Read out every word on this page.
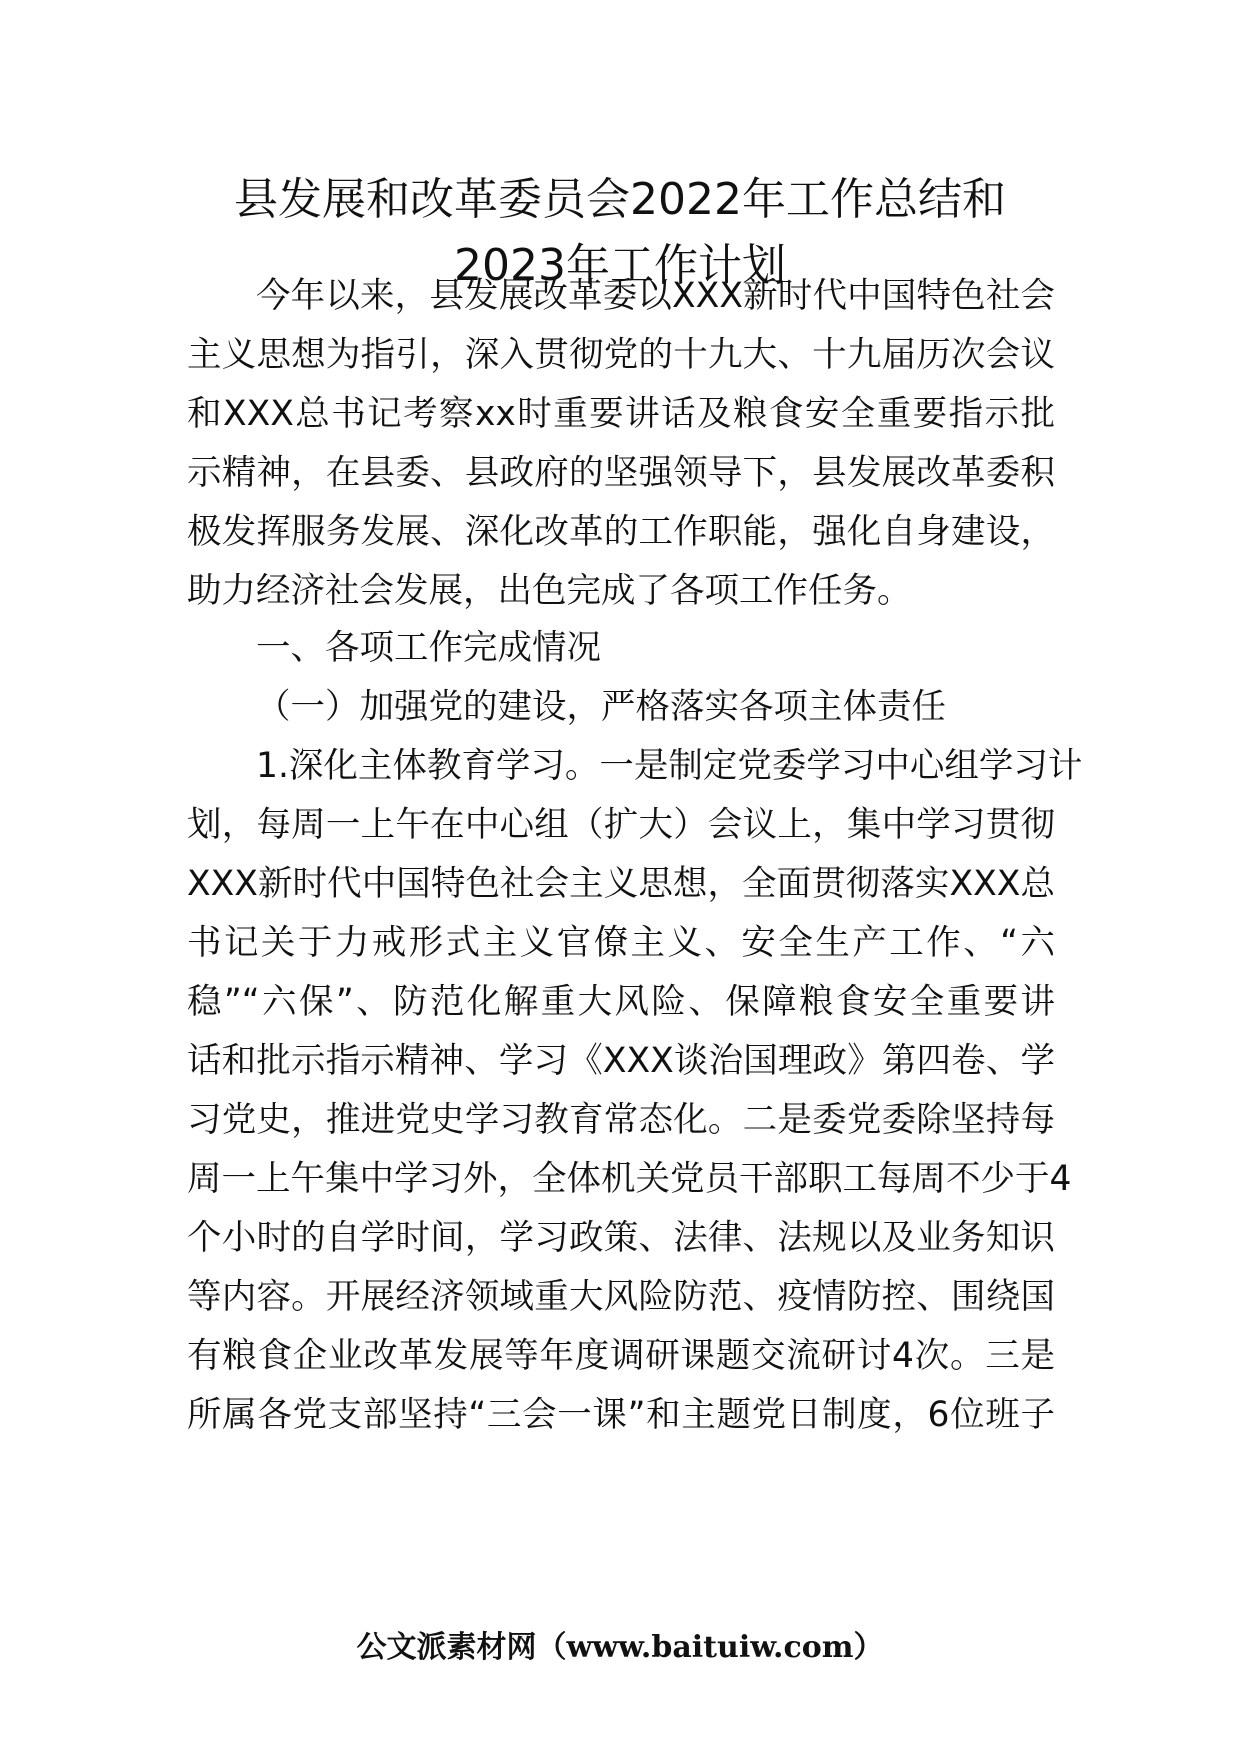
县发展和改革委员会2022年工作总结和
2023年工作计划
今年以来，县发展改革委以XXX新时代中国特色社会
主义思想为指引，深入贯彻党的十九大、十九届历次会议
和XXX总书记考察xx时重要讲话及粮食安全重要指示批
示精神，在县委、县政府的坚强领导下，县发展改革委积
极发挥服务发展、深化改革的工作职能，强化自身建设，
助力经济社会发展，出色完成了各项工作任务。
一、各项工作完成情况
（一）加强党的建设，严格落实各项主体责任
1.深化主体教育学习。一是制定党委学习中心组学习计
划，每周一上午在中心组（扩大）会议上，集中学习贯彻
XXX新时代中国特色社会主义思想，全面贯彻落实XXX总
书记关于力戒形式主义官僚主义、安全生产工作、“六
稳”“六保”、防范化解重大风险、保障粮食安全重要讲
话和批示指示精神、学习《XXX谈治国理政》第四卷、学
习党史，推进党史学习教育常态化。二是委党委除坚持每
周一上午集中学习外，全体机关党员干部职工每周不少于4
个小时的自学时间，学习政策、法律、法规以及业务知识
等内容。开展经济领域重大风险防范、疫情防控、围绕国
有粮食企业改革发展等年度调研课题交流研讨4次。三是
所属各党支部坚持“三会一课”和主题党日制度，6位班子
公文派素材网（www.baituiw.com）
